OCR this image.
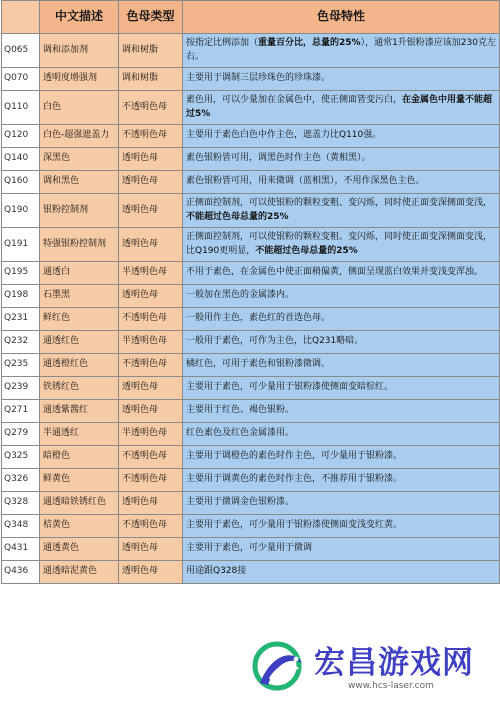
	中文描述	色母类型	色母特性
Q065	调和添加剂	调和树脂	按指定比例添加（重量百分比，总量的25%），通常1升银粉漆应该加230克左右。
Q070	透明度增强剂	调和树脂	主要用于调制三层珍珠色的珍珠漆。
Q110	白色	不透明色母	素色用，可以少量加在金属色中，使正侧面皆变污白，在金属色中用量不能超过5%
Q120	白色-超强遮盖力	不透明色母	主要用于素色白色中作主色，遮盖力比Q110强。
Q140	深黑色	透明色母	素色银粉皆可用，调黑色时作主色（黄相黑）。
Q160	调和黑色	透明色母	素色银粉皆可用，用来微调（蓝相黑），不用作深黑色主色。
Q190	银粉控制剂	透明色母	正侧面控制剂，可以使银粉的颗粒变粗、变闪烁，同时使正面变深侧面变浅，不能超过色母总量的25%
Q191	特强银粉控制剂	透明色母	正侧面控制剂，可以使银粉的颗粒变粗、变闪烁，同时使正面变深侧面变浅，比Q190更明显，不能超过色母总量的25%
Q195	通透白	半透明色母	不用于素色，在金属色中使正面稍偏黄，侧面呈现蓝白效果并变浅变浑浊。
Q198	石墨黑	透明色母	一般加在黑色的金属漆内。
Q231	鲜红色	不透明色母	一般用作主色，素色红的首选色母。
Q232	通透红色	半透明色母	一般用于素色，可作为主色，比Q231略暗。
Q235	通透橙红色	不透明色母	橘红色，可用于素色和银粉漆微调。
Q239	铁锈红色	透明色母	主要用于素色，可少量用于银粉漆使侧面变暗棕红。
Q271	通透紫酱红	透明色母	主要用于红色、褐色银粉。
Q279	半通透红	半透明色母	红色素色及红色金属漆用。
Q325	暗橙色	不透明色母	主要用于调橙色的素色时作主色，可少量用于银粉漆。
Q326	鲜黄色	不透明色母	主要用于调黄色的素色时作主色，不推荐用于银粉漆。
Q328	通透暗铁锈红色	透明色母	主要用于微调金色银粉漆。
Q348	桔黄色	不透明色母	主要用于素色，可少量用于银粉漆使侧面变浅变红黄。
Q431	通透黄色	透明色母	主要用于素色，可少量用于微调
Q436	通透暗泥黄色	透明色母	用途跟Q328接
宏昌游戏网
www.hcs-laser.com
